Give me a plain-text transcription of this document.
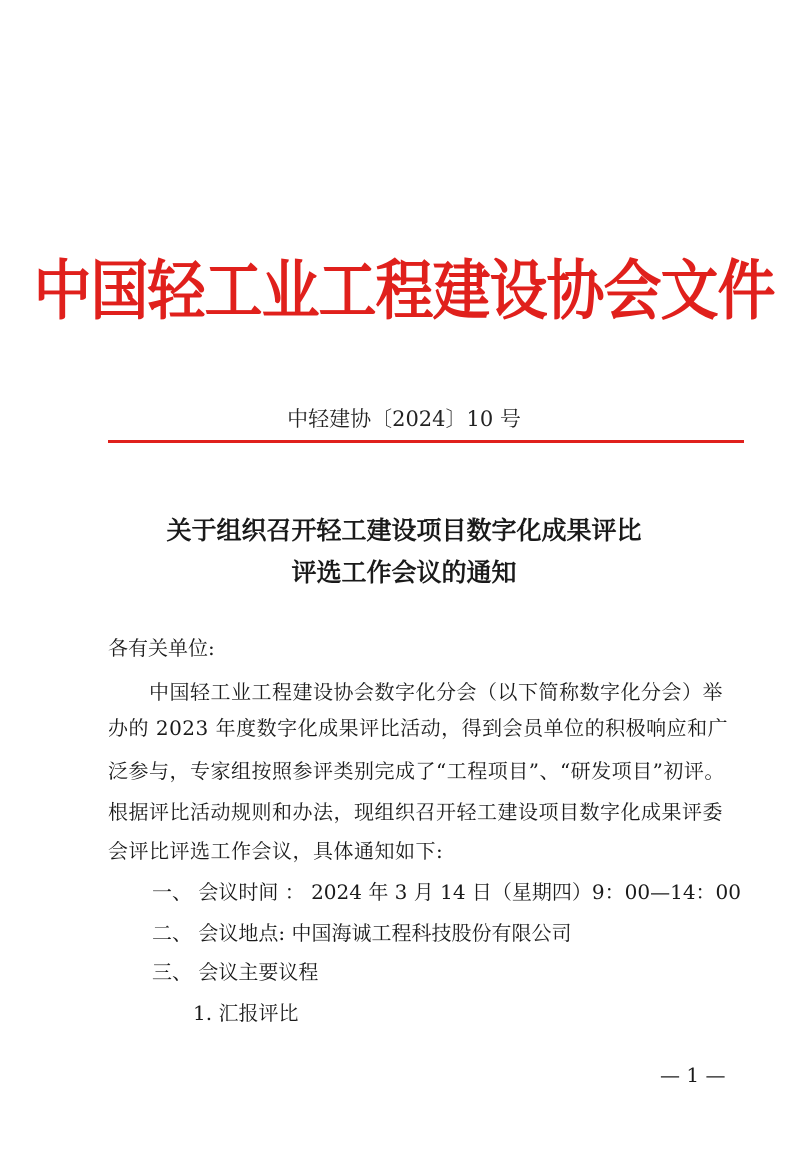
中国轻工业工程建设协会文件
中轻建协〔2024〕10 号
关于组织召开轻工建设项目数字化成果评比
评选工作会议的通知
各有关单位:
　　中国轻工业工程建设协会数字化分会（以下简称数字化分会）举
办的 2023 年度数字化成果评比活动，得到会员单位的积极响应和广
泛参与，专家组按照参评类别完成了“工程项目”、“研发项目”初评。
根据评比活动规则和办法，现组织召开轻工建设项目数字化成果评委
会评比评选工作会议，具体通知如下:
一、 会议时间 ： 2024 年 3 月 14 日（星期四）9：00—14：00
二、 会议地点: 中国海诚工程科技股份有限公司
三、 会议主要议程
1. 汇报评比
— 1 —
